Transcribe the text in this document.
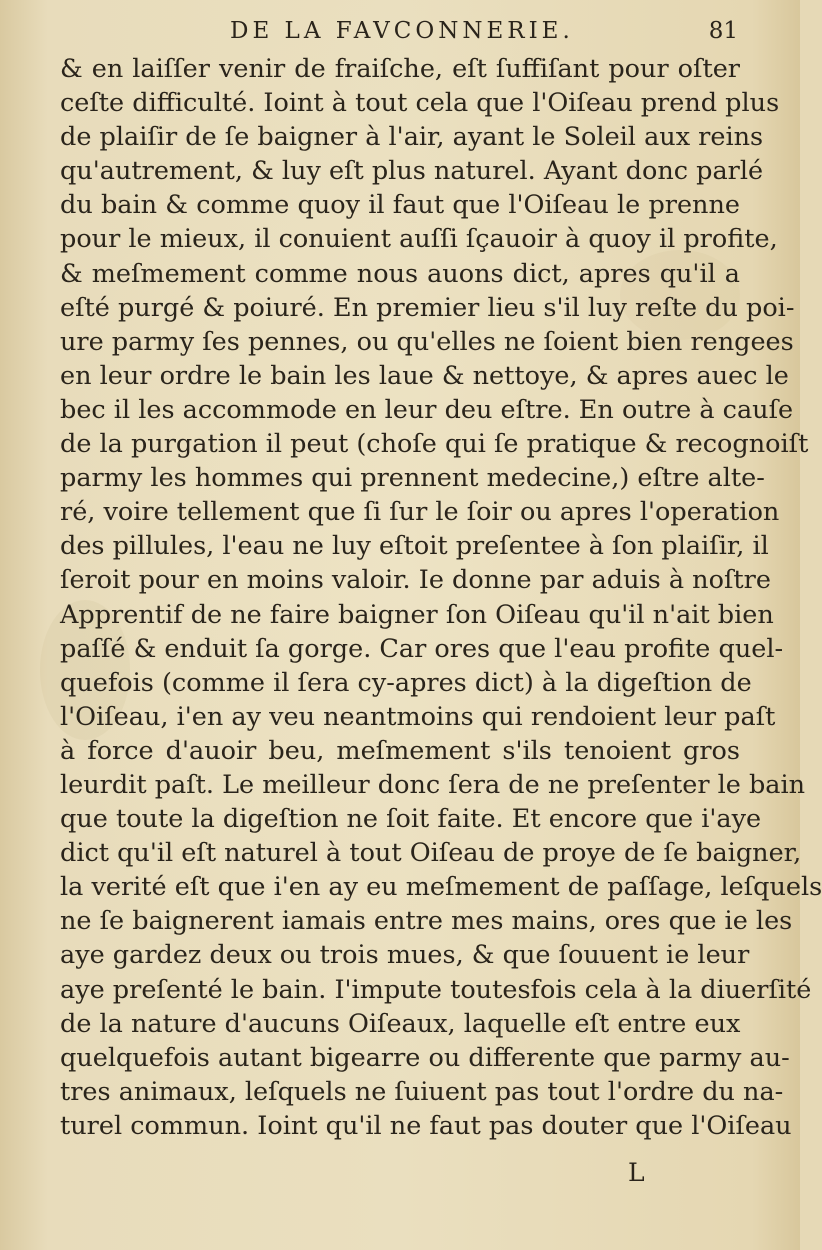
DE LA FAVCONNERIE.	81
& en laiſſer venir de fraiſche, eſt ſuffiſant pour oſter
ceſte difficulté. Ioint à tout cela que l'Oiſeau prend plus
de plaiſir de ſe baigner à l'air, ayant le Soleil aux reins
qu'autrement, & luy eſt plus naturel. Ayant donc parlé
du bain & comme quoy il faut que l'Oiſeau le prenne
pour le mieux, il conuient auſſi ſçauoir à quoy il profite,
& meſmement comme nous auons dict, apres qu'il a
eſté purgé & poiuré. En premier lieu s'il luy reſte du poi-
ure parmy ſes pennes, ou qu'elles ne ſoient bien rengees
en leur ordre le bain les laue & nettoye, & apres auec le
bec il les accommode en leur deu eſtre. En outre à cauſe
de la purgation il peut (choſe qui ſe pratique & recognoiſt
parmy les hommes qui prennent medecine,) eſtre alte-
ré, voire tellement que ſi ſur le ſoir ou apres l'operation
des pillules, l'eau ne luy eſtoit preſentee à ſon plaiſir, il
ſeroit pour en moins valoir. Ie donne par aduis à noſtre
Apprentif de ne faire baigner ſon Oiſeau qu'il n'ait bien
paſſé & enduit ſa gorge. Car ores que l'eau profite quel-
quefois (comme il ſera cy-apres dict) à la digeſtion de
l'Oiſeau, i'en ay veu neantmoins qui rendoient leur paſt
à force d'auoir beu, meſmement s'ils tenoient gros
leurdit paſt. Le meilleur donc ſera de ne preſenter le bain
que toute la digeſtion ne ſoit faite. Et encore que i'aye
dict qu'il eſt naturel à tout Oiſeau de proye de ſe baigner,
la verité eſt que i'en ay eu meſmement de paſſage, leſquels
ne ſe baignerent iamais entre mes mains, ores que ie les
aye gardez deux ou trois mues, & que ſouuent ie leur
aye preſenté le bain. I'impute toutesfois cela à la diuerſité
de la nature d'aucuns Oiſeaux, laquelle eſt entre eux
quelquefois autant bigearre ou differente que parmy au-
tres animaux, leſquels ne ſuiuent pas tout l'ordre du na-
turel commun. Ioint qu'il ne faut pas douter que l'Oiſeau
L
